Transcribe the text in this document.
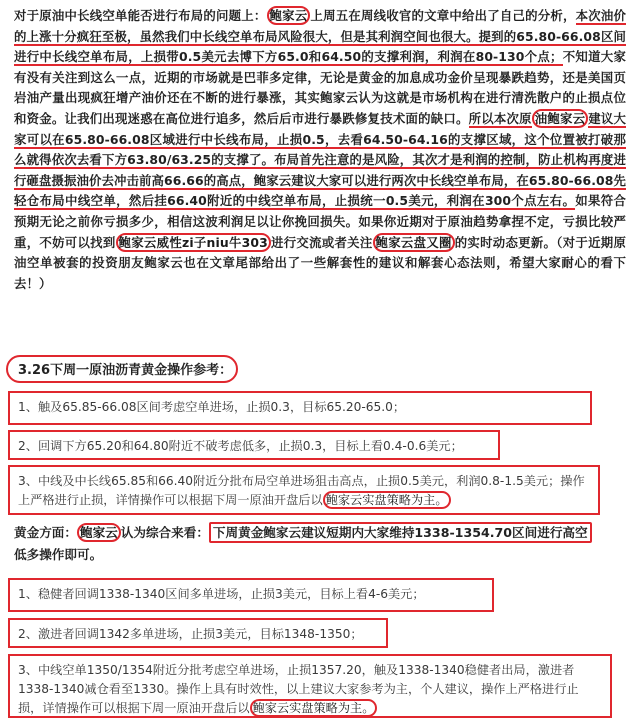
对于原油中长线空单能否进行布局的问题上： 鲍家云 上周五在周线收官的文章中给出了自己的分析，本次油价的上涨十分疯狂至极，虽然我们中长线空单布局风险很大，但是其利润空间也很大。提到的65.80-66.08区间进行中长线空单布局，上损带0.5美元去博下方65.0和64.50的支撑利润，利润在80-130个点；不知道大家有没有关注到这么一点，近期的市场就是巴菲多定律，无论是黄金的加息成功金价呈现暴跌趋势，还是美国页岩油产量出现疯狂增产油价还在不断的进行暴涨，其实鲍家云认为这就是市场机构在进行清洗散户的止损点位和资金。让我们出现迷惑在高位进行追多，然后后市进行暴跌修复技术面的缺口。所以本次原 油鲍家云 建议大家可以在65.80-66.08区域进行中长线布局，止损0.5，去看64.50-64.16的支撑区域，这个位置被打破那么就得依次去看下方63.80/63.25的支撑了。布局首先注意的是风险，其次才是利润的控制，防止机构再度进行砸盘摄振油价去冲击前高66.66的高点，鲍家云建议大家可以进行两次中长线空单布局，在65.80-66.08先轻仓布局中线空单，然后挂66.40附近的中线空单布局，止损统一0.5美元，利润在300个点左右。如果符合预期无论之前你亏损多少，相信这波利润足以让你挽回损失。如果你近期对于原油趋势拿捏不定，亏损比较严重，不妨可以找到 鲍家云威性zi子niu牛303 进行交流或者关注 鲍家云盘又圈 的实时动态更新。（对于近期原油空单被套的投资朋友鲍家云也在文章尾部给出了一些解套性的建议和解套心态法则，希望大家耐心的看下去！）

3.26下周一原油沥青黄金操作参考：
1、触及65.85-66.08区间考虑空单进场，止损0.3，目标65.20-65.0；
2、回调下方65.20和64.80附近不破考虑低多，止损0.3，目标上看0.4-0.6美元；
3、中线及中长线65.85和66.40附近分批布局空单进场狙击高点，止损0.5美元，利润0.8-1.5美元；操作上严格进行止损，详情操作可以根据下周一原油开盘后以 鲍家云实盘策略为主。

黄金方面： 鲍家云 认为综合来看： 下周黄金鲍家云建议短期内大家维持1338-1354.70区间进行高空
低多操作即可。

1、稳健者回调1338-1340区间多单进场，止损3美元，目标上看4-6美元；
2、激进者回调1342多单进场，止损3美元，目标1348-1350；
3、中线空单1350/1354附近分批考虑空单进场，止损1357.20，触及1338-1340稳健者出局，激进者1338-1340减仓看至1330。操作上具有时效性，以上建议大家参考为主，个人建议，操作上严格进行止损，详情操作可以根据下周一原油开盘后以 鲍家云实盘策略为主。
